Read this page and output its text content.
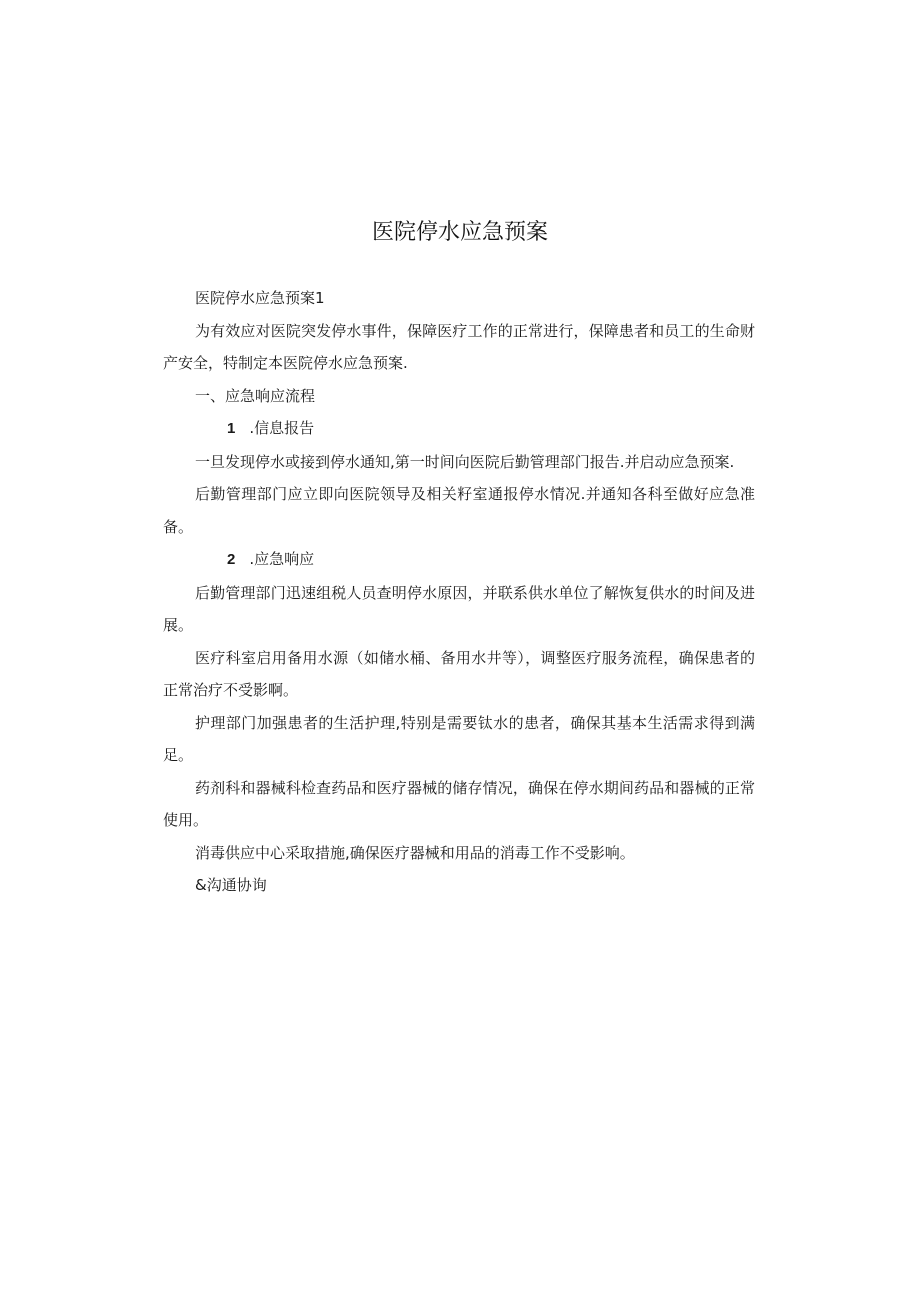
医院停水应急预案

医院停水应急预案1

为有效应对医院突发停水事件，保障医疗工作的正常进行，保障患者和员工的生命财产安全，特制定本医院停水应急预案.

一、应急响应流程

1 .信息报告

一旦发现停水或接到停水通知,第一时间向医院后勤管理部门报告.并启动应急预案.

后勤管理部门应立即向医院领导及相关籽室通报停水情况.并通知各科至做好应急准备。

2 .应急响应

后勤管理部门迅速组税人员查明停水原因，并联系供水单位了解恢复供水的时间及进展。

医疗科室启用备用水源（如储水桶、备用水井等），调整医疗服务流程，确保患者的正常治疗不受影啊。

护理部门加强患者的生活护理,特别是需要钛水的患者，确保其基本生活需求得到满足。

药剂科和器械科检查药品和医疗器械的储存情况，确保在停水期间药品和器械的正常使用。

消毒供应中心采取措施,确保医疗器械和用品的消毒工作不受影响。

&沟通协询
